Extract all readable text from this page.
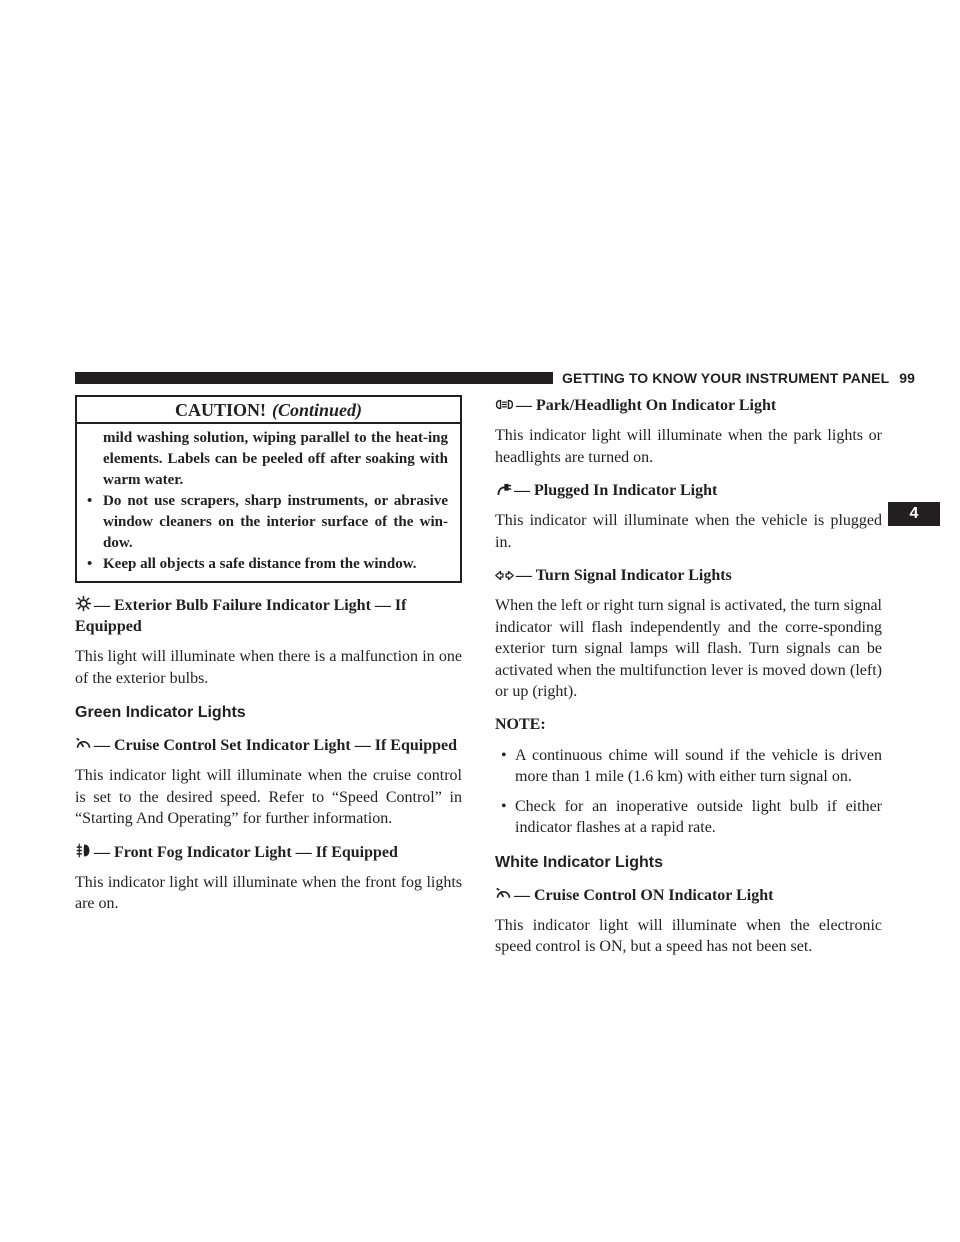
GETTING TO KNOW YOUR INSTRUMENT PANEL 99
4
CAUTION! (Continued)

mild washing solution, wiping parallel to the heat-ing elements. Labels can be peeled off after soaking with warm water.

• Do not use scrapers, sharp instruments, or abrasive window cleaners on the interior surface of the win-dow.
• Keep all objects a safe distance from the window.
— Exterior Bulb Failure Indicator Light — If Equipped

This light will illuminate when there is a malfunction in one of the exterior bulbs.

Green Indicator Lights
— Cruise Control Set Indicator Light — If Equipped

This indicator light will illuminate when the cruise control is set to the desired speed. Refer to “Speed Control” in “Starting And Operating” for further information.

— Front Fog Indicator Light — If Equipped

This indicator light will illuminate when the front fog lights are on.

— Park/Headlight On Indicator Light

This indicator light will illuminate when the park lights or headlights are turned on.

— Plugged In Indicator Light

This indicator will illuminate when the vehicle is plugged in.

— Turn Signal Indicator Lights

When the left or right turn signal is activated, the turn signal indicator will flash independently and the corre-sponding exterior turn signal lamps will flash. Turn signals can be activated when the multifunction lever is moved down (left) or up (right).

NOTE:
• A continuous chime will sound if the vehicle is driven more than 1 mile (1.6 km) with either turn signal on.
• Check for an inoperative outside light bulb if either indicator flashes at a rapid rate.
White Indicator Lights
— Cruise Control ON Indicator Light

This indicator light will illuminate when the electronic speed control is ON, but a speed has not been set.
